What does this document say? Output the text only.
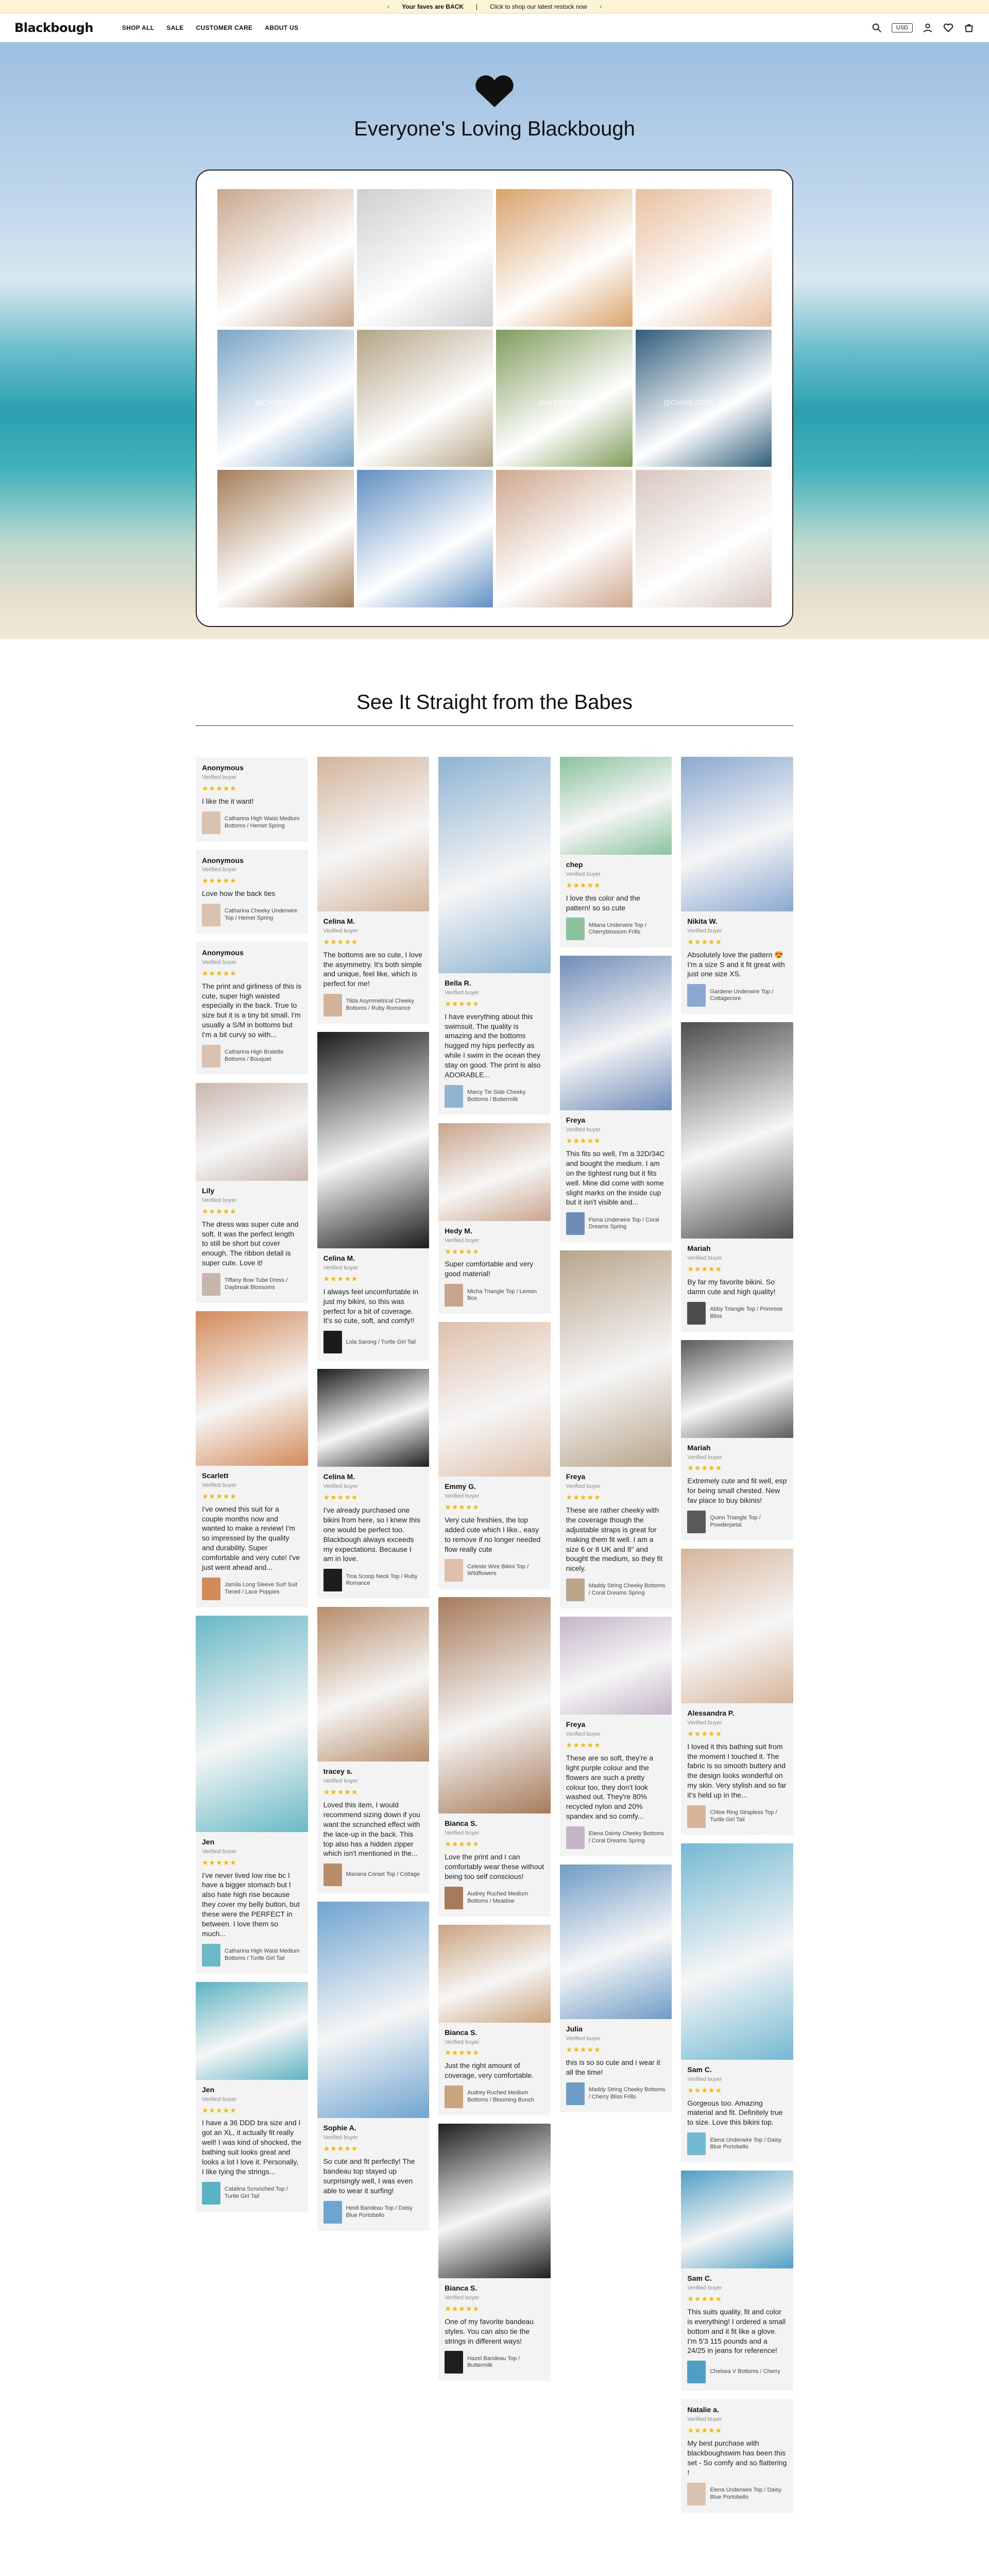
‹ Your faves are BACK | Click to shop our latest restock now ›
Blackbough	SHOP ALL SALE CUSTOMER CARE ABOUT US	USD
Everyone's Loving Blackbough
@CHANTELLSINE	@ALEXZEITRIA	@CHARLOTTE_GRACE
See It Straight from the Babes
Anonymous
Verified buyer
★★★★★
I like the it want!
Catharina High Waist Medium Bottoms / Hemet Spring
Anonymous
Verified buyer
★★★★★
Love how the back ties
Catharina Cheeky Underwire Top / Hemet Spring
Anonymous
Verified buyer
★★★★★
The print and girliness of this is cute, super high waisted especially in the back. True to size but it is a tiny bit small. I'm usually a S/M in bottoms but I'm a bit curvy so with...
Catharina High Bralette Bottoms / Bouquet
Lily
Verified buyer
★★★★★
The dress was super cute and soft. It was the perfect length to still be short but cover enough. The ribbon detail is super cute. Love it!
Tiffany Bow Tube Dress / Daybreak Blossoms
Scarlett
Verified buyer
★★★★★
I've owned this suit for a couple months now and wanted to make a review! I'm so impressed by the quality and durability. Super comfortable and very cute! I've just went ahead and...
Jamila Long Sleeve Surf Suit Tiered / Lace Poppies
Jen
Verified buyer
★★★★★
I've never lived low rise bc I have a bigger stomach but I also hate high rise because they cover my belly button, but these were the PERFECT in between. I love them so much...
Catharina High Waist Medium Bottoms / Turtle Girl Tail
Jen
Verified buyer
★★★★★
I have a 36 DDD bra size and I got an XL, it actually fit really well! I was kind of shocked, the bathing suit looks great and looks a lot I love it. Personally, I like tying the strings...
Catalina Scrunched Top / Turtle Girl Tail
Celina M.
Verified buyer
★★★★★
The bottoms are so cute, I love the asymmetry. It's both simple and unique, feel like, which is perfect for me!
Tilda Asymmetrical Cheeky Bottoms / Ruby Romance
Celina M.
Verified buyer
★★★★★
I always feel uncomfortable in just my bikini, so this was perfect for a bit of coverage. It's so cute, soft, and comfy!!
Lola Sarong / Turtle Girl Tail
Celina M.
Verified buyer
★★★★★
I've already purchased one bikini from here, so I knew this one would be perfect too. Blackbough always exceeds my expectations. Because I am in love.
Tina Scoop Neck Top / Ruby Romance
tracey s.
Verified buyer
★★★★★
Loved this item, I would recommend sizing down if you want the scrunched effect with the lace-up in the back. This top also has a hidden zipper which isn't mentioned in the...
Mariana Corset Top / Cottage
Sophie A.
Verified buyer
★★★★★
So cute and fit perfectly! The bandeau top stayed up surprisingly well, I was even able to wear it surfing!
Heidi Bandeau Top / Daisy Blue Portobello
Bella R.
Verified buyer
★★★★★
I have everything about this swimsuit. The quality is amazing and the bottoms hugged my hips perfectly as while I swim in the ocean they stay on good. The print is also ADORABLE...
Marcy Tie Side Cheeky Bottoms / Buttermilk
Hedy M.
Verified buyer
★★★★★
Super comfortable and very good material!
Micha Triangle Top / Lemon Box
Emmy G.
Verified buyer
★★★★★
Very cute freshies, the top added cute which I like.. easy to remove if no longer needed flow really cute
Celeste Wire Bikini Top / Wildflowers
Bianca S.
Verified buyer
★★★★★
Love the print and I can comfortably wear these without being too self conscious!
Audrey Ruched Medium Bottoms / Meadow
Bianca S.
Verified buyer
★★★★★
Just the right amount of coverage, very comfortable.
Audrey Ruched Medium Bottoms / Blooming Bunch
Bianca S.
Verified buyer
★★★★★
One of my favorite bandeau styles. You can also tie the strings in different ways!
Hazel Bandeau Top / Buttermilk
chep
Verified buyer
★★★★★
I love this color and the pattern! so so cute
Milana Underwire Top / Cherryblossom Frills
Freya
Verified buyer
★★★★★
This fits so well, I'm a 32D/34C and bought the medium. I am on the tightest rung but it fits well. Mine did come with some slight marks on the inside cup but it isn't visible and...
Fiona Underwire Top / Coral Dreams Spring
Freya
Verified buyer
★★★★★
These are rather cheeky with the coverage though the adjustable straps is great for making them fit well. I am a size 6 or 8 UK and 8" and bought the medium, so they fit nicely.
Maddy String Cheeky Bottoms / Coral Dreams Spring
Freya
Verified buyer
★★★★★
These are so soft, they're a light purple colour and the flowers are such a pretty colour too, they don't look washed out. They're 80% recycled nylon and 20% spandex and so comfy...
Elena Dainty Cheeky Bottoms / Coral Dreams Spring
Julia
Verified buyer
★★★★★
this is so so cute and i wear it all the time!
Maddy String Cheeky Bottoms / Cherry Bliss Frills
Nikita W.
Verified buyer
★★★★★
Absolutely love the pattern 😍 I'm a size S and it fit great with just one size XS.
Gardene Underwire Top / Cottagecore
Mariah
Verified buyer
★★★★★
By far my favorite bikini. So damn cute and high quality!
Abby Triangle Top / Primrose Bliss
Mariah
Verified buyer
★★★★★
Extremely cute and fit well, esp for being small chested. New fav place to buy bikinis!
Quinn Triangle Top / Powderpetal
Alessandra P.
Verified buyer
★★★★★
I loved it this bathing suit from the moment I touched it. The fabric is so smooth buttery and the design looks wonderful on my skin. Very stylish and so far it's held up in the...
Chloe Ring Strapless Top / Turtle Girl Tail
Sam C.
Verified buyer
★★★★★
Gorgeous too. Amazing material and fit. Definitely true to size. Love this bikini top.
Elena Underwire Top / Daisy Blue Portobello
Sam C.
Verified buyer
★★★★★
This suits quality, fit and color is everything! I ordered a small bottom and it fit like a glove. I'm 5'3 115 pounds and a 24/25 in jeans for reference!
Chelsea V Bottoms / Cherry
Natalie a.
Verified buyer
★★★★★
My best purchase with blackboughswim has been this set - So comfy and so flattering !
Elena Underwire Top / Daisy Blue Portobello
